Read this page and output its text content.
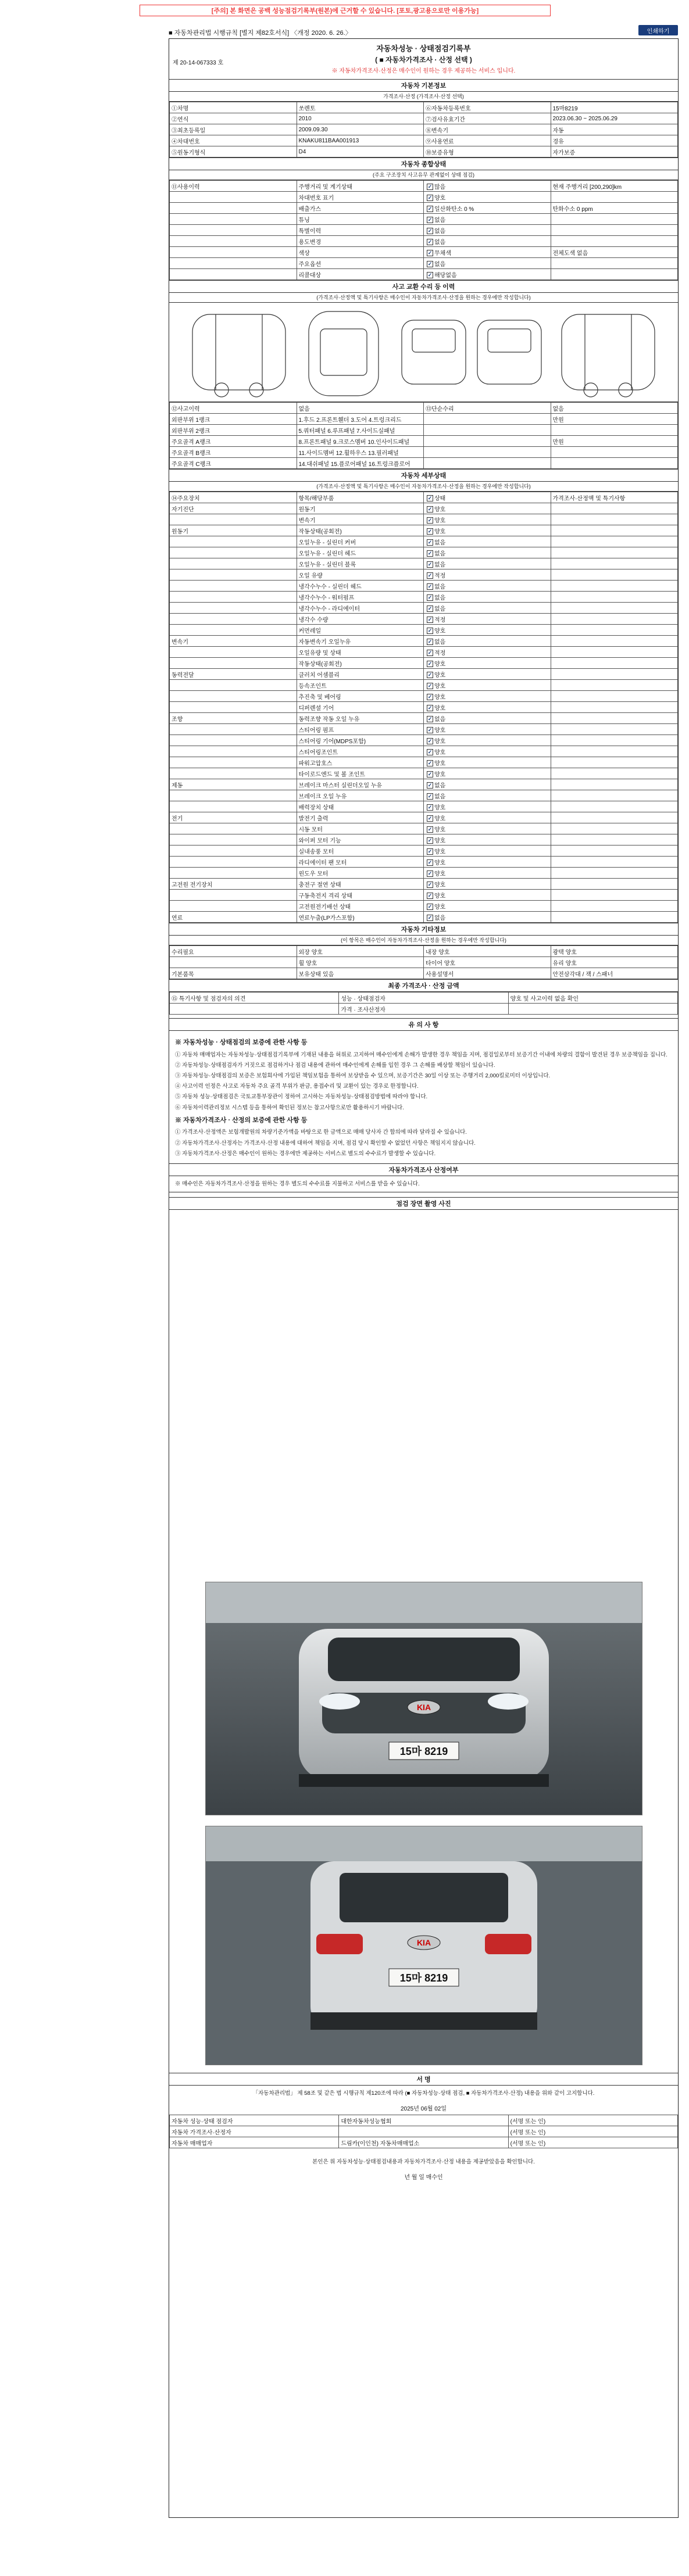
[주의] 본 화면은 공백 성능점검기록부(원본)에 근거할 수 있습니다. [포토,광고용으로만 이용가능]
■ 자동차관리법 시행규칙 [별지 제82호서식] 〈개정 2020. 6. 26.〉	인쇄하기
제 20-14-067333 호
자동차성능 · 상태점검기록부
( ■ 자동차가격조사 · 산정 선택 )
※ 자동차가격조사·산정은 매수인이 원하는 경우 제공하는 서비스 입니다.
자동차 기본정보
가격조사·산정 (가격조사·산정 선택)
①차명	쏘렌토	⑥자동차등록번호	15마8219
②연식	2010	⑦검사유효기간	2023.06.30 ~ 2025.06.29
③최초등록일	2009.09.30	⑧변속기	자동
④차대번호	KNAKU811BAA001913	⑨사용연료	경유
⑤원동기형식	D4	⑩보증유형	자가보증
자동차 종합상태
(주요 구조장치 사고유무 관계없이 상태 점검)
⑪사용이력	주행거리 및 계기상태	✓ 많음	현재 주행거리 [200,290]km
	차대번호 표기	✓ 양호	
	배출가스	✓ 일산화탄소 0 %	탄화수소 0 ppm
	튜닝	✓ 없음	
	특별이력	✓ 없음	
	용도변경	✓ 없음	
	색상	✓ 무채색	전체도색 없음
	주요옵션	✓ 없음	
	리콜대상	✓ 해당없음	
사고 교환 수리 등 이력
(가격조사·산정액 및 특기사항은 매수인이 자동차가격조사·산정을 원하는 경우에만 작성합니다)
⑫사고이력	없음	⑬단순수리	없음
외판부위 1랭크	1.후드 2.프론트휀더 3.도어 4.트렁크리드		만원
외판부위 2랭크	5.쿼터패널 6.루프패널 7.사이드실패널		
주요골격 A랭크	8.프론트패널 9.크로스멤버 10.인사이드패널		만원
주요골격 B랭크	11.사이드멤버 12.휠하우스 13.필러패널		
주요골격 C랭크	14.대쉬패널 15.플로어패널 16.트렁크플로어		
자동차 세부상태
(가격조사·산정액 및 특기사항은 매수인이 자동차가격조사·산정을 원하는 경우에만 작성합니다)
⑭주요장치	항목/해당부품	✓ 상태	가격조사·산정액 및 특기사항
자기진단	원동기	✓ 양호	
	변속기	✓ 양호	
원동기	작동상태(공회전)	✓ 양호	
	오일누유 - 실린더 커버	✓ 없음	
	오일누유 - 실린더 헤드	✓ 없음	
	오일누유 - 실린더 블록	✓ 없음	
	오일 유량	✓ 적정	
	냉각수누수 - 실린더 헤드	✓ 없음	
	냉각수누수 - 워터펌프	✓ 없음	
	냉각수누수 - 라디에이터	✓ 없음	
	냉각수 수량	✓ 적정	
	커먼레일	✓ 양호	
변속기	자동변속기 오일누유	✓ 없음	
	오일유량 및 상태	✓ 적정	
	작동상태(공회전)	✓ 양호	
동력전달	클러치 어셈블리	✓ 양호	
	등속조인트	✓ 양호	
	추진축 및 베어링	✓ 양호	
	디퍼렌셜 기어	✓ 양호	
조향	동력조향 작동 오일 누유	✓ 없음	
	스티어링 펌프	✓ 양호	
	스티어링 기어(MDPS포함)	✓ 양호	
	스티어링조인트	✓ 양호	
	파워고압호스	✓ 양호	
	타이로드엔드 및 볼 조인트	✓ 양호	
제동	브레이크 마스터 실린더오일 누유	✓ 없음	
	브레이크 오일 누유	✓ 없음	
	배력장치 상태	✓ 양호	
전기	발전기 출력	✓ 양호	
	시동 모터	✓ 양호	
	와이퍼 모터 기능	✓ 양호	
	실내송풍 모터	✓ 양호	
	라디에이터 팬 모터	✓ 양호	
	윈도우 모터	✓ 양호	
고전원 전기장치	충전구 절연 상태	✓ 양호	
	구동축전지 격리 상태	✓ 양호	
	고전원전기배선 상태	✓ 양호	
연료	연료누출(LP가스포함)	✓ 없음	
자동차 기타정보
(이 항목은 매수인이 자동차가격조사·산정을 원하는 경우에만 작성합니다)
수리필요	외장 양호	내장 양호	광택 양호
	휠 양호	타이어 양호	유리 양호
기본품목	보유상태 있음	사용설명서	안전삼각대 / 잭 / 스패너
최종 가격조사 · 산정 금액
⑮ 특기사항 및 점검자의 의견	성능 · 상태점검자	양호 및 사고이력 없음 확인
	가격 · 조사산정자	
유 의 사 항
※ 자동차성능 · 상태점검의 보증에 관한 사항 등

① 자동차 매매업자는 자동차성능·상태점검기록부에 기재된 내용을 허위로 고지하여 매수인에게 손해가 발생한 경우 책임을 지며, 점검일로부터 보증기간 이내에 차량의 결함이 발견된 경우 보증책임을 집니다.

② 자동차성능·상태점검자가 거짓으로 점검하거나 점검 내용에 관하여 매수인에게 손해를 입힌 경우 그 손해를 배상할 책임이 있습니다.

③ 자동차성능·상태점검의 보증은 보험회사에 가입된 책임보험을 통하여 보상받을 수 있으며, 보증기간은 30일 이상 또는 주행거리 2,000킬로미터 이상입니다.

④ 사고이력 인정은 사고로 자동차 주요 골격 부위가 판금, 용접수리 및 교환이 있는 경우로 한정합니다.

⑤ 자동차 성능·상태점검은 국토교통부장관이 정하여 고시하는 자동차성능·상태점검방법에 따라야 합니다.

⑥ 자동차이력관리정보 시스템 등을 통하여 확인된 정보는 참고사항으로만 활용하시기 바랍니다.

※ 자동차가격조사 · 산정의 보증에 관한 사항 등

① 가격조사·산정액은 보험개발원의 차량기준가액을 바탕으로 한 금액으로 매매 당사자 간 합의에 따라 달라질 수 있습니다.

② 자동차가격조사·산정자는 가격조사·산정 내용에 대하여 책임을 지며, 점검 당시 확인할 수 없었던 사항은 책임지지 않습니다.

③ 자동차가격조사·산정은 매수인이 원하는 경우에만 제공하는 서비스로 별도의 수수료가 발생할 수 있습니다.

자동차가격조사 산정여부
※ 매수인은 자동차가격조사·산정을 원하는 경우 별도의 수수료를 지불하고 서비스를 받을 수 있습니다.
점검 장면 촬영 사진
KIA
15마 8219
KIA
15마 8219
서 명
「자동차관리법」 제 58조 및 같은 법 시행규칙 제120조에 따라 (■ 자동차성능·상태 점검, ■ 자동차가격조사·산정) 내용을 위와 같이 고지합니다.
2025년 06월 02일
자동차 성능·상태 점검자	대한자동차성능협회	(서명 또는 인)
자동차 가격조사·산정자		(서명 또는 인)
자동차 매매업자	드림카(이인천) 자동차매매업소	(서명 또는 인)
본인은 위 자동차성능·상태점검내용과 자동차가격조사·산정 내용을 제공받았음을 확인합니다.
년 월 일 매수인
